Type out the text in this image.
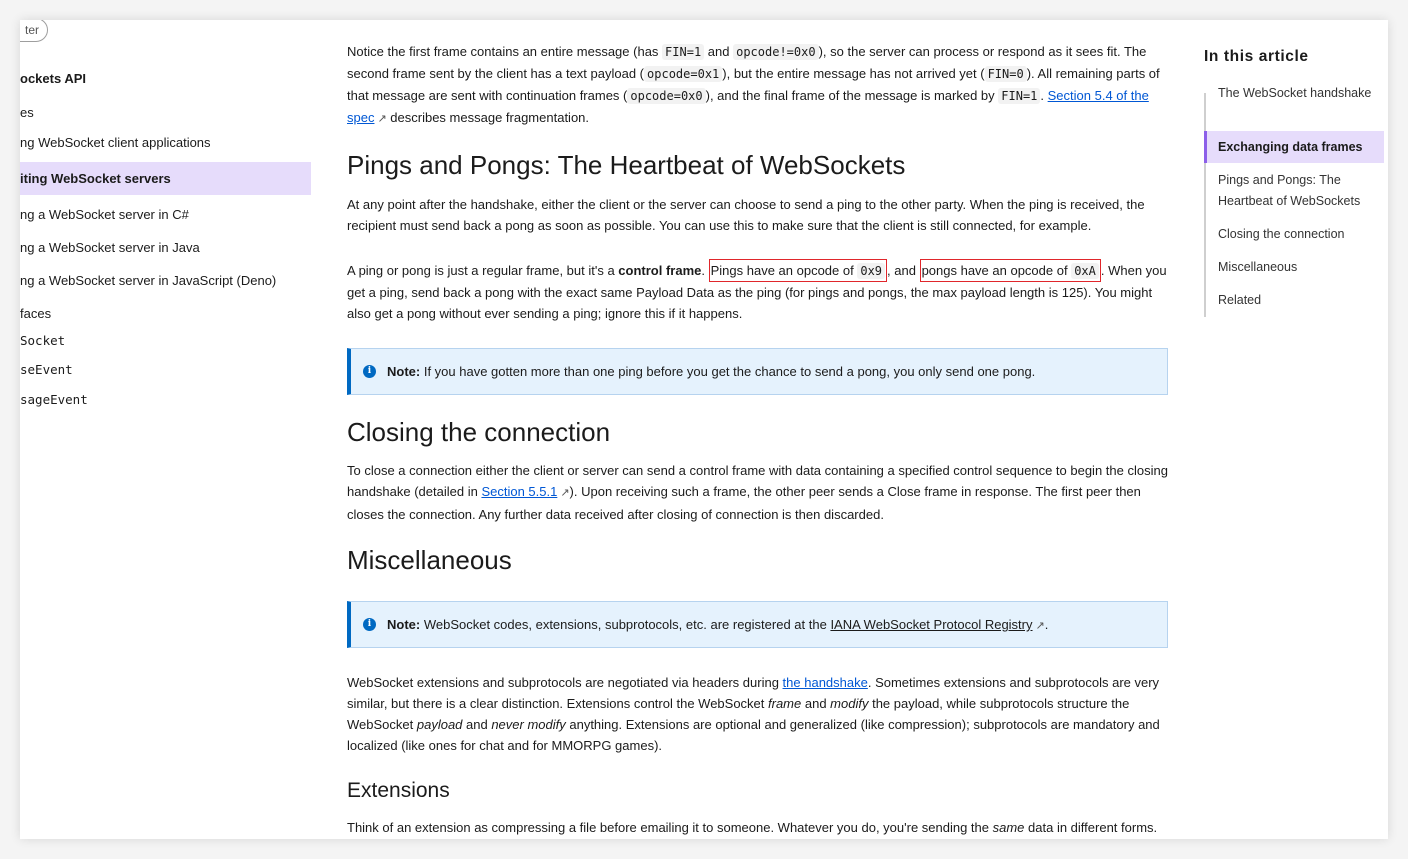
ter
ockets API
es
ng WebSocket client applications
iting WebSocket servers
ng a WebSocket server in C#
ng a WebSocket server in Java
ng a WebSocket server in JavaScript (Deno)
faces
Socket
seEvent
sageEvent

Notice the first frame contains an entire message (has FIN=1 and opcode!=0x0 ), so the server can process or respond as it sees fit. The second frame sent by the client has a text payload ( opcode=0x1 ), but the entire message has not arrived yet ( FIN=0 ). All remaining parts of that message are sent with continuation frames ( opcode=0x0 ), and the final frame of the message is marked by FIN=1 . Section 5.4 of the spec ↗ describes message fragmentation.

Pings and Pongs: The Heartbeat of WebSockets

At any point after the handshake, either the client or the server can choose to send a ping to the other party. When the ping is received, the recipient must send back a pong as soon as possible. You can use this to make sure that the client is still connected, for example.

A ping or pong is just a regular frame, but it's a control frame. Pings have an opcode of 0x9 , and pongs have an opcode of 0xA . When you get a ping, send back a pong with the exact same Payload Data as the ping (for pings and pongs, the max payload length is 125). You might also get a pong without ever sending a ping; ignore this if it happens.

i	Note: If you have gotten more than one ping before you get the chance to send a pong, you only send one pong.
Closing the connection

To close a connection either the client or server can send a control frame with data containing a specified control sequence to begin the closing handshake (detailed in Section 5.5.1 ↗). Upon receiving such a frame, the other peer sends a Close frame in response. The first peer then closes the connection. Any further data received after closing of connection is then discarded.

Miscellaneous
i	Note: WebSocket codes, extensions, subprotocols, etc. are registered at the IANA WebSocket Protocol Registry ↗.

WebSocket extensions and subprotocols are negotiated via headers during the handshake. Sometimes extensions and subprotocols are very similar, but there is a clear distinction. Extensions control the WebSocket frame and modify the payload, while subprotocols structure the WebSocket payload and never modify anything. Extensions are optional and generalized (like compression); subprotocols are mandatory and localized (like ones for chat and for MMORPG games).

Extensions

Think of an extension as compressing a file before emailing it to someone. Whatever you do, you're sending the same data in different forms.

In this article
The WebSocket handshake
Exchanging data frames
Pings and Pongs: The Heartbeat of WebSockets
Closing the connection
Miscellaneous
Related
